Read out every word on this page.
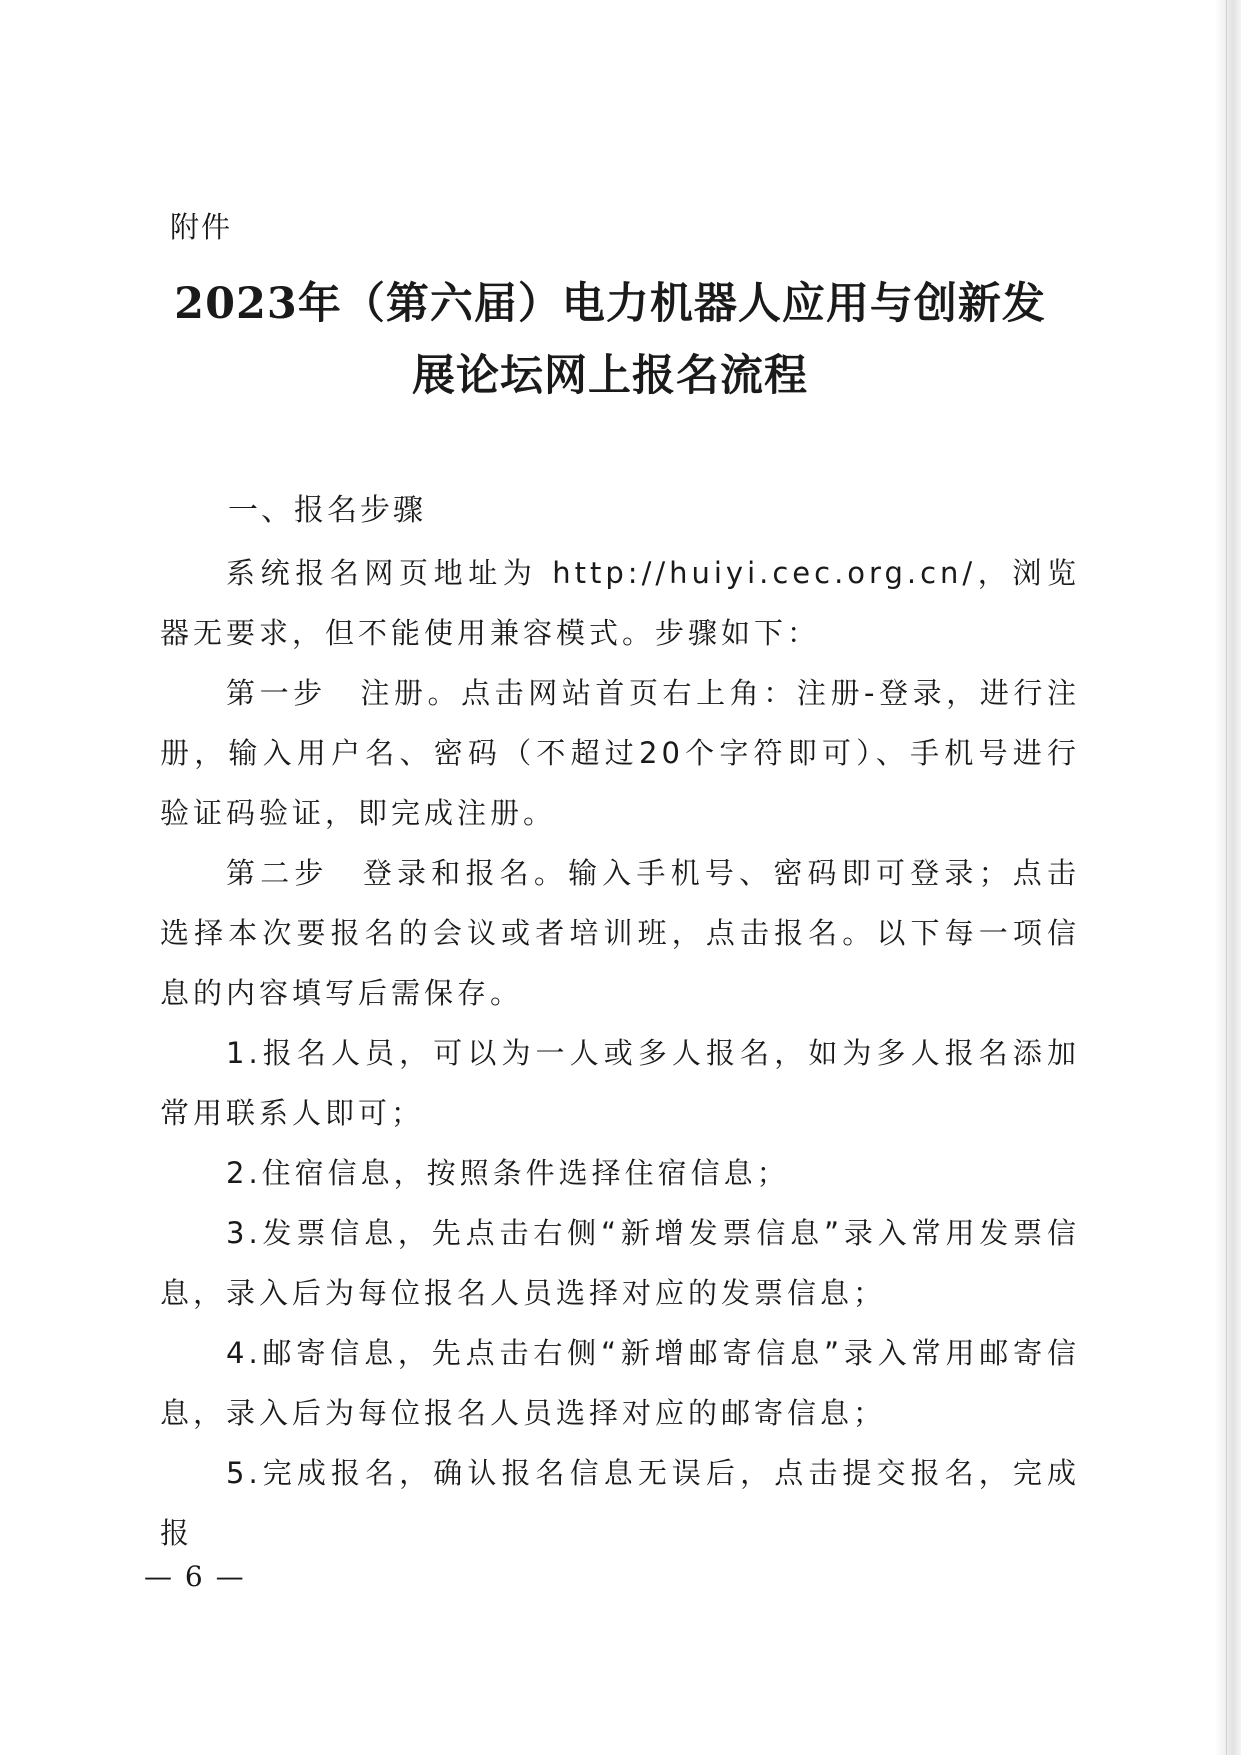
附件
2023年（第六届）电力机器人应用与创新发
展论坛网上报名流程
一、报名步骤

系统报名网页地址为 http://huiyi.cec.org.cn/，浏览器无要求，但不能使用兼容模式。步骤如下：

第一步　注册。点击网站首页右上角：注册-登录，进行注册，输入用户名、密码（不超过20个字符即可）、手机号进行验证码验证，即完成注册。

第二步　登录和报名。输入手机号、密码即可登录；点击选择本次要报名的会议或者培训班，点击报名。以下每一项信息的内容填写后需保存。

1.报名人员，可以为一人或多人报名，如为多人报名添加常用联系人即可；

2.住宿信息，按照条件选择住宿信息；

3.发票信息，先点击右侧“新增发票信息”录入常用发票信息，录入后为每位报名人员选择对应的发票信息；

4.邮寄信息，先点击右侧“新增邮寄信息”录入常用邮寄信息，录入后为每位报名人员选择对应的邮寄信息；

5.完成报名，确认报名信息无误后，点击提交报名，完成报

— 6 —
